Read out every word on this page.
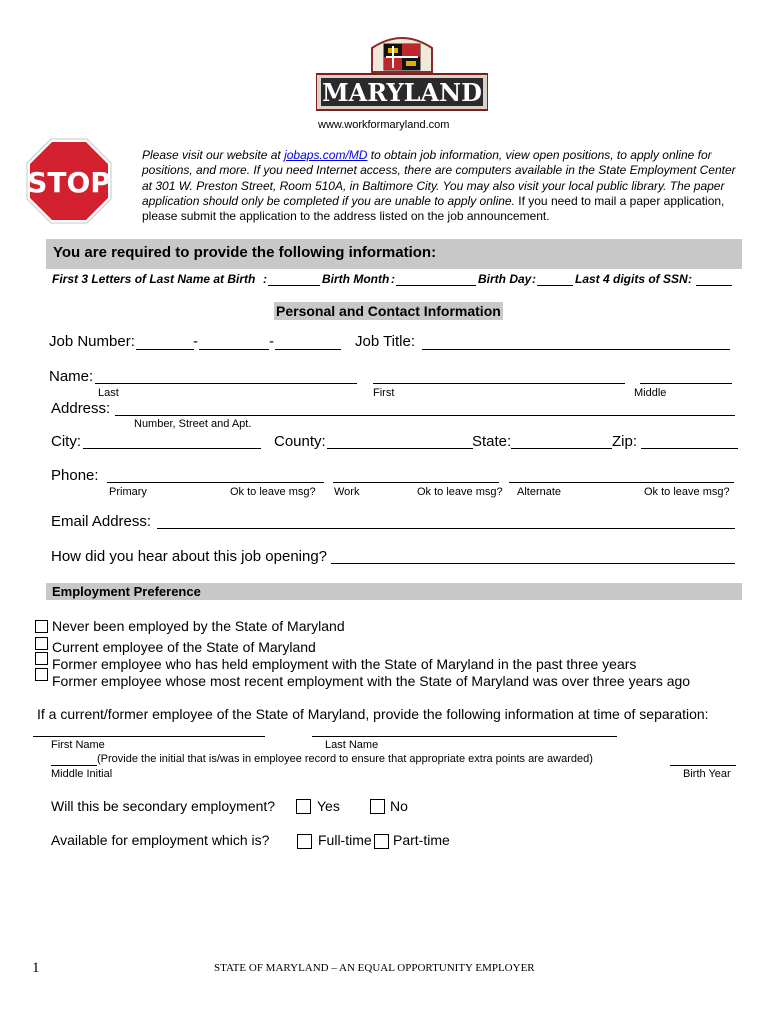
MARYLAND
www.workformaryland.com
STOP
Please visit our website at jobaps.com/MD to obtain job information, view open positions, to apply online for positions, and more. If you need Internet access, there are computers available in the State Employment Center at 301 W. Preston Street, Room 510A, in Baltimore City. You may also visit your local public library. The paper application should only be completed if you are unable to apply online. If you need to mail a paper application, please submit the application to the address listed on the job announcement.
You are required to provide the following information:
First 3 Letters of Last Name at Birth :	Birth Month :	Birth Day :	Last 4 digits of SSN :
Personal and Contact Information
Job Number:	-	-	Job Title:
Name:
Last	First	Middle
Address:
Number, Street and Apt.
City:	County:	State:	Zip:
Phone:
Primary	Ok to leave msg? Work	Ok to leave msg? Alternate	Ok to leave msg?
Email Address:
How did you hear about this job opening?
Employment Preference
Never been employed by the State of Maryland
Current employee of the State of Maryland
Former employee who has held employment with the State of Maryland in the past three years
Former employee whose most recent employment with the State of Maryland was over three years ago
If a current/former employee of the State of Maryland, provide the following information at time of separation:
First Name	Last Name
(Provide the initial that is/was in employee record to ensure that appropriate extra points are awarded)
Middle Initial	Birth Year
Will this be secondary employment?	Yes	No
Available for employment which is?	Full-time Part-time
1	STATE OF MARYLAND – AN EQUAL OPPORTUNITY EMPLOYER
